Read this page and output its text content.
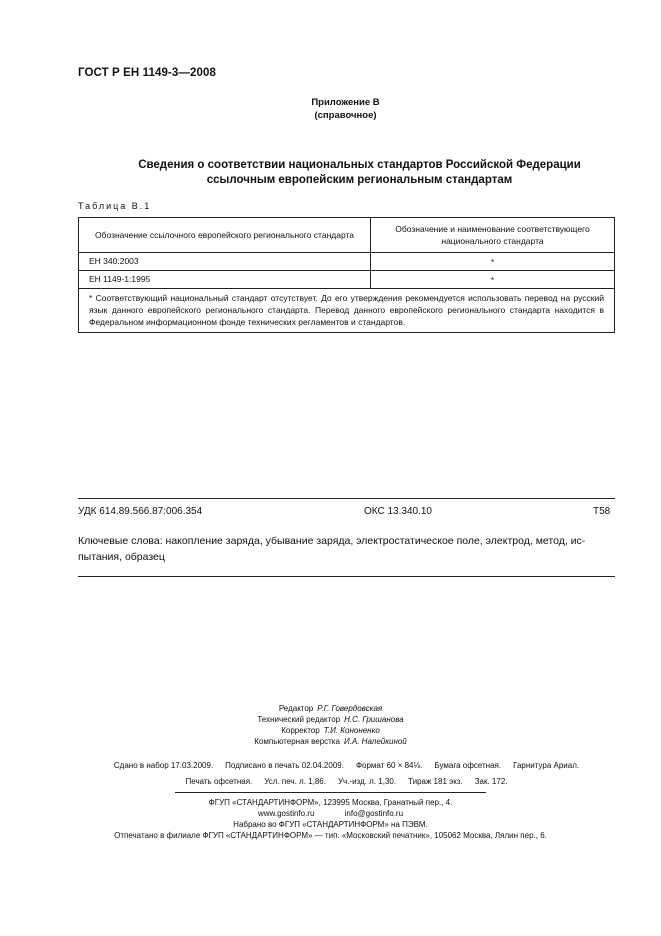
ГОСТ Р ЕН 1149-3—2008
Приложение В
(справочное)
Сведения о соответствии национальных стандартов Российской Федерации
ссылочным европейским региональным стандартам
Таблица В.1
Обозначение ссылочного европейского регионального стандарта	Обозначение и наименование соответствующего национального стандарта
ЕН 340:2003	*
ЕН 1149-1:1995	*
* Соответствующий национальный стандарт отсутствует. До его утверждения рекомендуется использовать перевод на русский язык данного европейского регионального стандарта. Перевод данного европейского регионального стандарта находится в Федеральном информационном фонде технических регламентов и стандартов.	
УДК 614.89.566.87:006.354	ОКС 13.340.10	Т58
Ключевые слова: накопление заряда, убывание заряда, электростатическое поле, электрод, метод, ис-
пытания, образец
Редактор Р.Г. Говердовская
Технический редактор Н.С. Гришанова
Корректор Т.И. Кононенко
Компьютерная верстка И.А. Налейкиной
Сдано в набор 17.03.2009. Подписано в печать 02.04.2009. Формат 60 × 84⅛. Бумага офсетная. Гарнитура Ариал.
Печать офсетная. Усл. печ. л. 1,86. Уч.-изд. л. 1,30. Тираж 181 экз. Зак. 172.
ФГУП «СТАНДАРТИНФОРМ», 123995 Москва, Гранатный пер., 4.
www.gostinfo.ru	info@gostinfo.ru
Набрано во ФГУП «СТАНДАРТИНФОРМ» на ПЭВМ.
Отпечатано в филиале ФГУП «СТАНДАРТИНФОРМ» — тип. «Московский печатник», 105062 Москва, Лялин пер., 6.
